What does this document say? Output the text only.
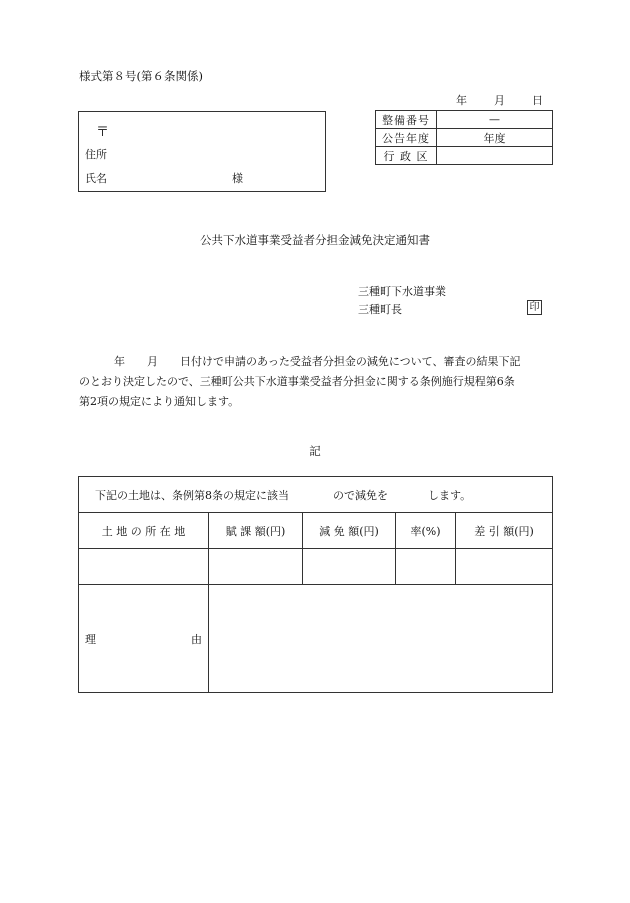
様式第８号(第６条関係)
年 月 日
〒
住所
氏名	様
整備番号	—
公告年度	年度
行 政 区	
公共下水道事業受益者分担金減免決定通知書
三種町下水道事業
三種町長	印

年 月 日付けで申請のあった受益者分担金の減免について、審査の結果下記

のとおり決定したので、三種町公共下水道事業受益者分担金に関する条例施行規程第6条

第2項の規定により通知します。

記
下記の土地は、条例第8条の規定に該当 ので減免を します。				
土 地 の 所 在 地	賦 課 額(円)	減 免 額(円)	率(%)	差 引 額(円)

理 由				
